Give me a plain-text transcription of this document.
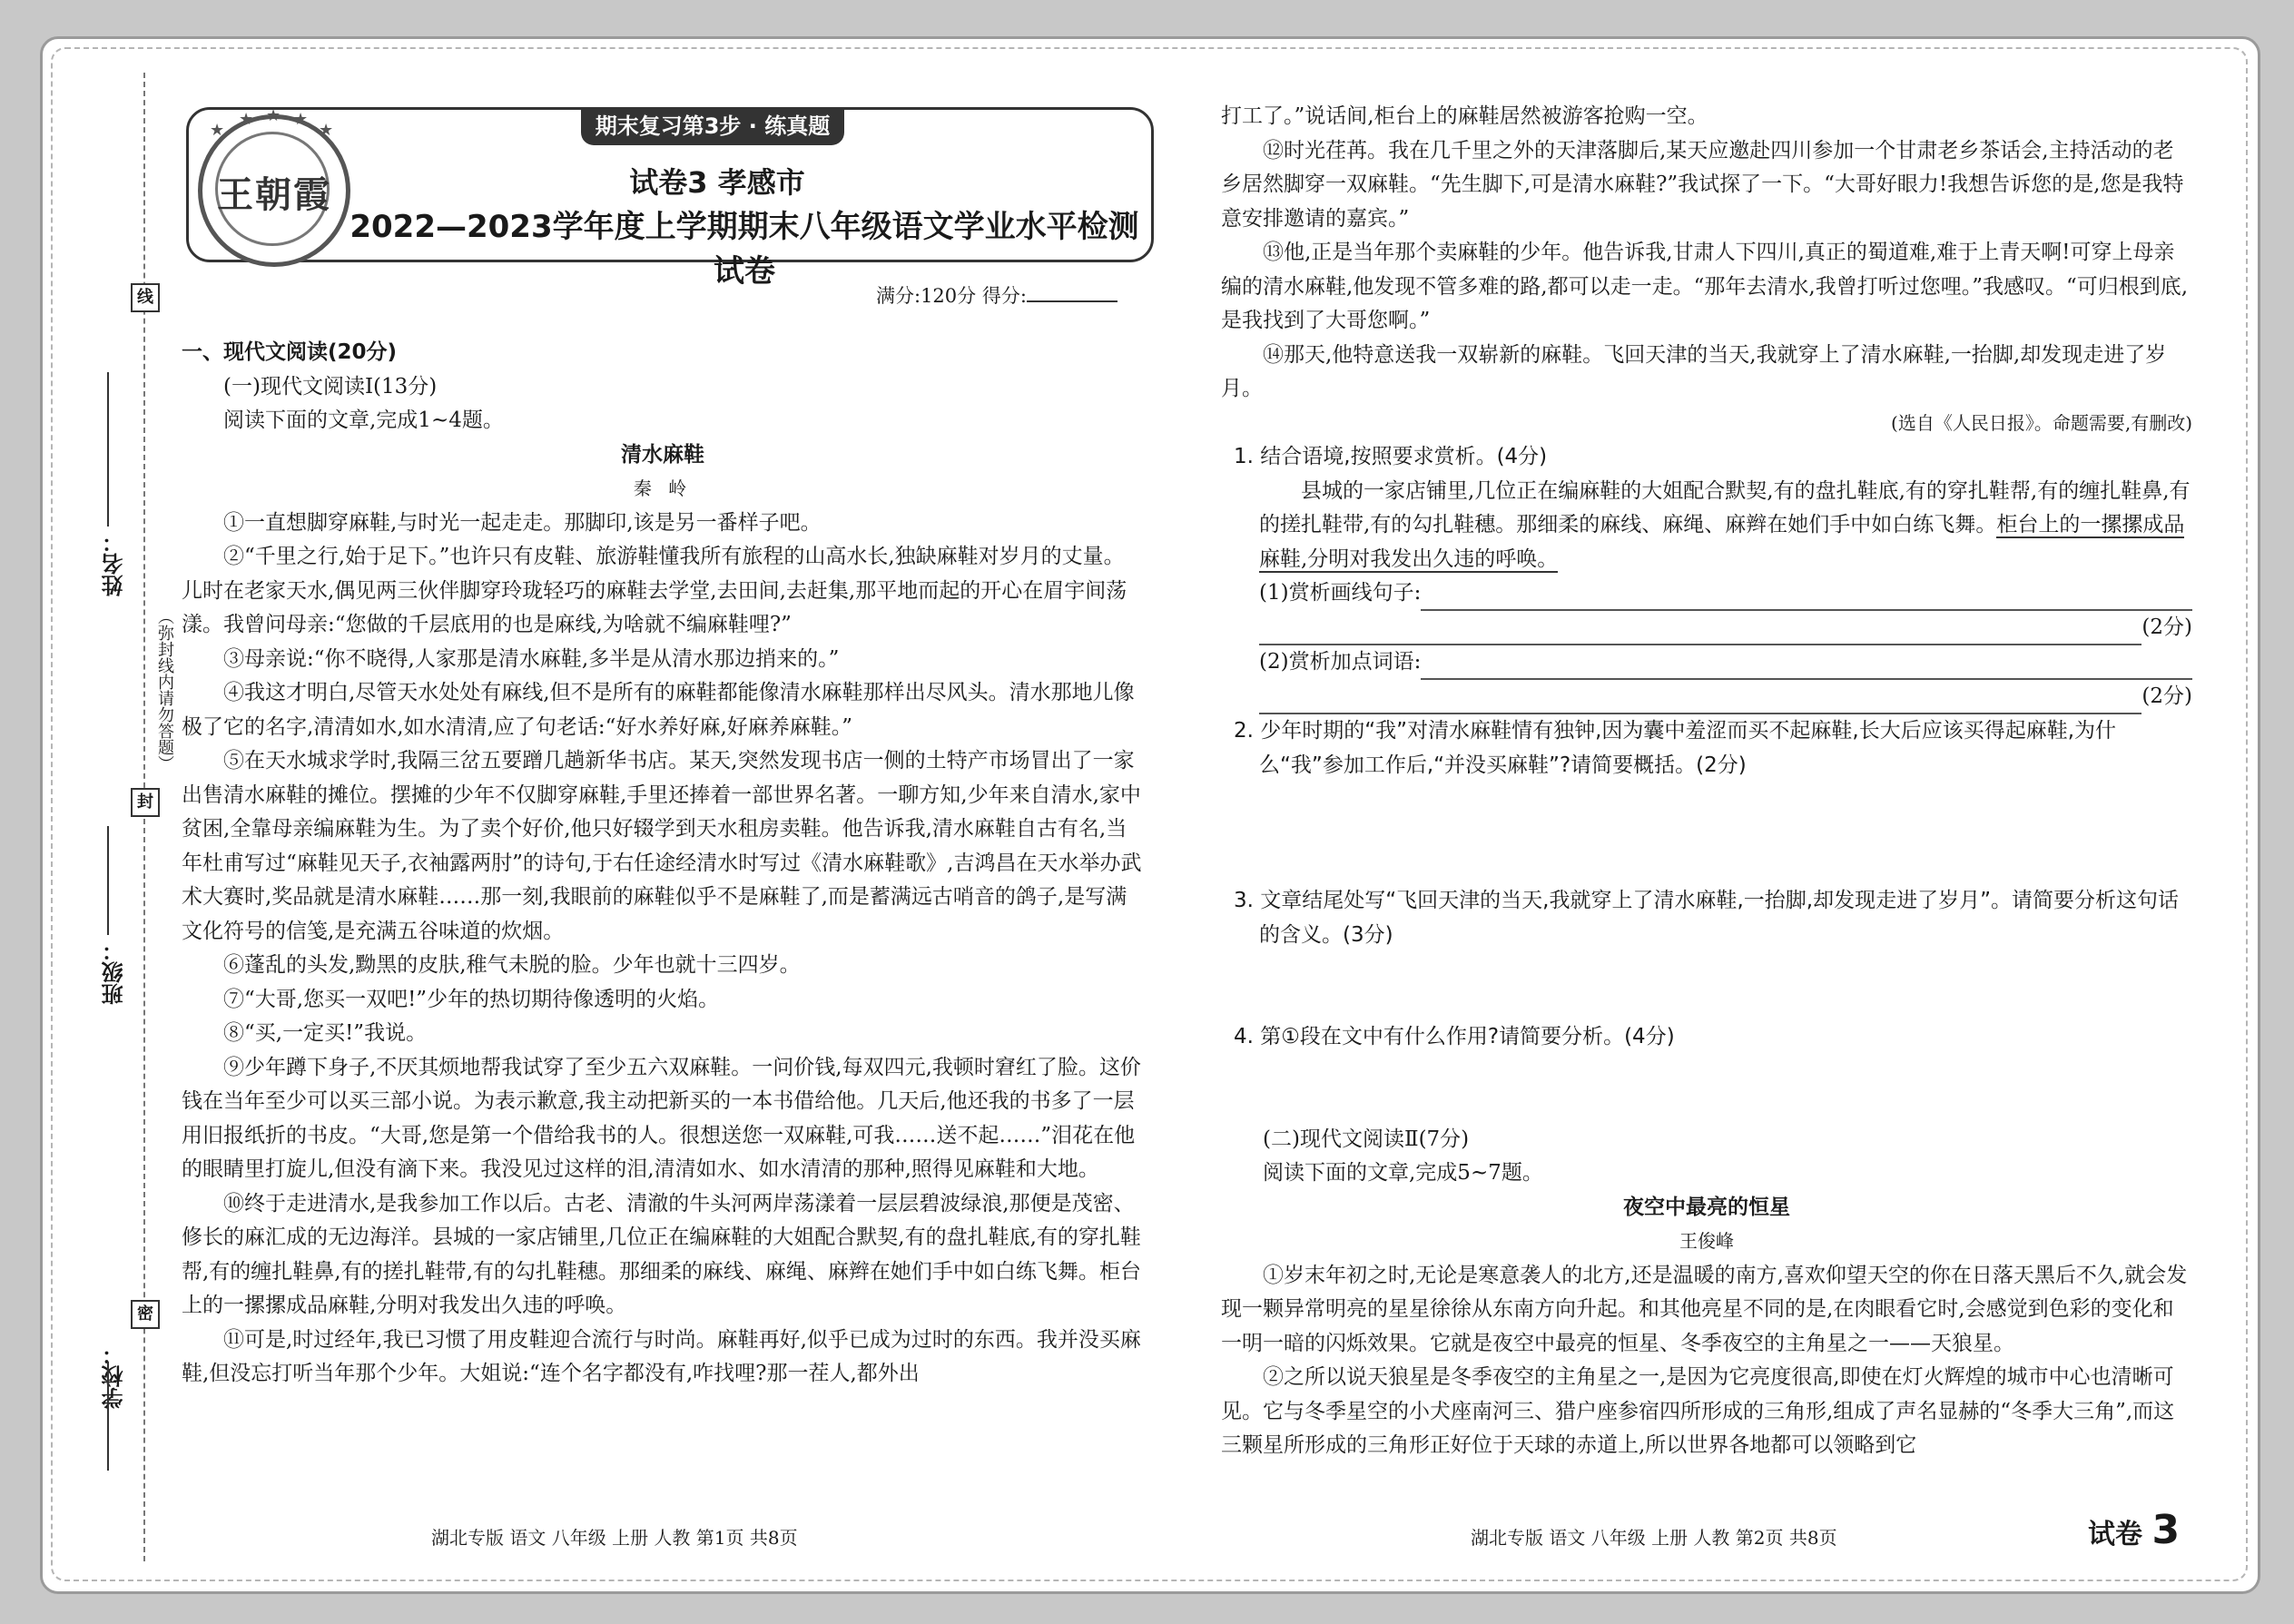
线
封
密
姓名：
班级：
学校：
（弥封线内请勿答题）
★
★ ★ ★
★
王朝霞
期末复习第3步 · 练真题
试卷3 孝感市
2022—2023学年度上学期期末八年级语文学业水平检测试卷
满分:120分 得分:

一、现代文阅读(20分)

(一)现代文阅读Ⅰ(13分)

阅读下面的文章,完成1~4题。

清水麻鞋

秦 岭

①一直想脚穿麻鞋,与时光一起走走。那脚印,该是另一番样子吧。

②“千里之行,始于足下。”也许只有皮鞋、旅游鞋懂我所有旅程的山高水长,独缺麻鞋对岁月的丈量。儿时在老家天水,偶见两三伙伴脚穿玲珑轻巧的麻鞋去学堂,去田间,去赶集,那平地而起的开心在眉宇间荡漾。我曾问母亲:“您做的千层底用的也是麻线,为啥就不编麻鞋哩?”

③母亲说:“你不晓得,人家那是清水麻鞋,多半是从清水那边捎来的。”

④我这才明白,尽管天水处处有麻线,但不是所有的麻鞋都能像清水麻鞋那样出尽风头。清水那地儿像极了它的名字,清清如水,如水清清,应了句老话:“好水养好麻,好麻养麻鞋。”

⑤在天水城求学时,我隔三岔五要蹭几趟新华书店。某天,突然发现书店一侧的土特产市场冒出了一家出售清水麻鞋的摊位。摆摊的少年不仅脚穿麻鞋,手里还捧着一部世界名著。一聊方知,少年来自清水,家中贫困,全靠母亲编麻鞋为生。为了卖个好价,他只好辍学到天水租房卖鞋。他告诉我,清水麻鞋自古有名,当年杜甫写过“麻鞋见天子,衣袖露两肘”的诗句,于右任途经清水时写过《清水麻鞋歌》,吉鸿昌在天水举办武术大赛时,奖品就是清水麻鞋……那一刻,我眼前的麻鞋似乎不是麻鞋了,而是蓄满远古哨音的鸽子,是写满文化符号的信笺,是充满五谷味道的炊烟。

⑥蓬乱的头发,黝黑的皮肤,稚气未脱的脸。少年也就十三四岁。

⑦“大哥,您买一双吧!”少年的热切期待像透明的火焰。

⑧“买,一定买!”我说。

⑨少年蹲下身子,不厌其烦地帮我试穿了至少五六双麻鞋。一问价钱,每双四元,我顿时窘红了脸。这价钱在当年至少可以买三部小说。为表示歉意,我主动把新买的一本书借给他。几天后,他还我的书多了一层用旧报纸折的书皮。“大哥,您是第一个借给我书的人。很想送您一双麻鞋,可我……送不起……”泪花在他的眼睛里打旋儿,但没有滴下来。我没见过这样的泪,清清如水、如水清清的那种,照得见麻鞋和大地。

⑩终于走进清水,是我参加工作以后。古老、清澈的牛头河两岸荡漾着一层层碧波绿浪,那便是茂密、修长的麻汇成的无边海洋。县城的一家店铺里,几位正在编麻鞋的大姐配合默契,有的盘扎鞋底,有的穿扎鞋帮,有的缠扎鞋鼻,有的搓扎鞋带,有的勾扎鞋穗。那细柔的麻线、麻绳、麻辫在她们手中如白练飞舞。柜台上的一摞摞成品麻鞋,分明对我发出久违的呼唤。

⑪可是,时过经年,我已习惯了用皮鞋迎合流行与时尚。麻鞋再好,似乎已成为过时的东西。我并没买麻鞋,但没忘打听当年那个少年。大姐说:“连个名字都没有,咋找哩?那一茬人,都外出

湖北专版 语文 八年级 上册 人教 第1页 共8页

打工了。”说话间,柜台上的麻鞋居然被游客抢购一空。

⑫时光荏苒。我在几千里之外的天津落脚后,某天应邀赴四川参加一个甘肃老乡茶话会,主持活动的老乡居然脚穿一双麻鞋。“先生脚下,可是清水麻鞋?”我试探了一下。“大哥好眼力!我想告诉您的是,您是我特意安排邀请的嘉宾。”

⑬他,正是当年那个卖麻鞋的少年。他告诉我,甘肃人下四川,真正的蜀道难,难于上青天啊!可穿上母亲编的清水麻鞋,他发现不管多难的路,都可以走一走。“那年去清水,我曾打听过您哩。”我感叹。“可归根到底,是我找到了大哥您啊。”

⑭那天,他特意送我一双崭新的麻鞋。飞回天津的当天,我就穿上了清水麻鞋,一抬脚,却发现走进了岁月。

(选自《人民日报》。命题需要,有删改)

1. 结合语境,按照要求赏析。(4分)

县城的一家店铺里,几位正在编麻鞋的大姐配合默契,有的盘扎鞋底,有的穿扎鞋帮,有的缠扎鞋鼻,有的搓扎鞋带,有的勾扎鞋穗。那细柔的麻线、麻绳、麻辫在她们手中如白练飞舞。柜台上的一摞摞成品麻鞋,分明对我发出久违的呼唤。

(1)赏析画线句子:
(2分)
(2)赏析加点词语:
(2分)

2. 少年时期的“我”对清水麻鞋情有独钟,因为囊中羞涩而买不起麻鞋,长大后应该买得起麻鞋,为什么“我”参加工作后,“并没买麻鞋”?请简要概括。(2分)

3. 文章结尾处写“飞回天津的当天,我就穿上了清水麻鞋,一抬脚,却发现走进了岁月”。请简要分析这句话的含义。(3分)

4. 第①段在文中有什么作用?请简要分析。(4分)

(二)现代文阅读Ⅱ(7分)

阅读下面的文章,完成5~7题。

夜空中最亮的恒星

王俊峰

①岁末年初之时,无论是寒意袭人的北方,还是温暖的南方,喜欢仰望天空的你在日落天黑后不久,就会发现一颗异常明亮的星星徐徐从东南方向升起。和其他亮星不同的是,在肉眼看它时,会感觉到色彩的变化和一明一暗的闪烁效果。它就是夜空中最亮的恒星、冬季夜空的主角星之一——天狼星。

②之所以说天狼星是冬季夜空的主角星之一,是因为它亮度很高,即使在灯火辉煌的城市中心也清晰可见。它与冬季星空的小犬座南河三、猎户座参宿四所形成的三角形,组成了声名显赫的“冬季大三角”,而这三颗星所形成的三角形正好位于天球的赤道上,所以世界各地都可以领略到它

湖北专版 语文 八年级 上册 人教 第2页 共8页	试卷 3
